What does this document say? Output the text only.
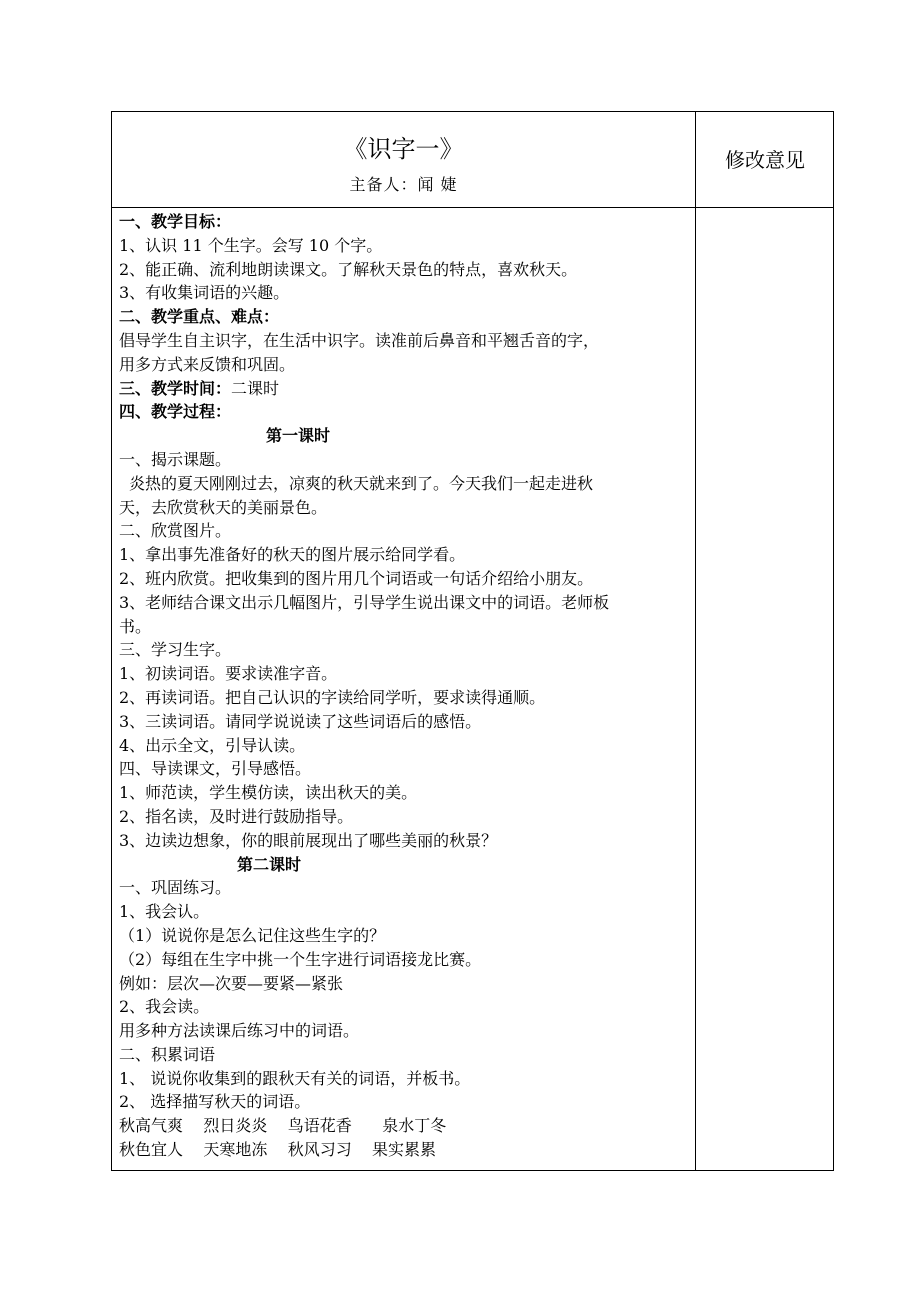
《识字一》
主备人：闻 婕
修改意见
一、教学目标：
1、认识 11 个生字。会写 10 个字。
2、能正确、流利地朗读课文。了解秋天景色的特点，喜欢秋天。
3、有收集词语的兴趣。
二、教学重点、难点：
倡导学生自主识字，在生活中识字。读准前后鼻音和平翘舌音的字，
用多方式来反馈和巩固。
三、教学时间：二课时
四、教学过程：
第一课时
一、揭示课题。
炎热的夏天刚刚过去，凉爽的秋天就来到了。今天我们一起走进秋
天，去欣赏秋天的美丽景色。
二、欣赏图片。
1、拿出事先准备好的秋天的图片展示给同学看。
2、班内欣赏。把收集到的图片用几个词语或一句话介绍给小朋友。
3、老师结合课文出示几幅图片，引导学生说出课文中的词语。老师板
书。
三、学习生字。
1、初读词语。要求读准字音。
2、再读词语。把自己认识的字读给同学听，要求读得通顺。
3、三读词语。请同学说说读了这些词语后的感悟。
4、出示全文，引导认读。
四、导读课文，引导感悟。
1、师范读，学生模仿读，读出秋天的美。
2、指名读，及时进行鼓励指导。
3、边读边想象，你的眼前展现出了哪些美丽的秋景？
第二课时
一、巩固练习。
1、我会认。
（1）说说你是怎么记住这些生字的？
（2）每组在生字中挑一个生字进行词语接龙比赛。
例如：层次—次要—要紧—紧张
2、我会读。
用多种方法读课后练习中的词语。
二、积累词语
1、 说说你收集到的跟秋天有关的词语，并板书。
2、 选择描写秋天的词语。
秋高气爽    烈日炎炎    鸟语花香      泉水丁冬
秋色宜人    天寒地冻    秋风习习    果实累累
